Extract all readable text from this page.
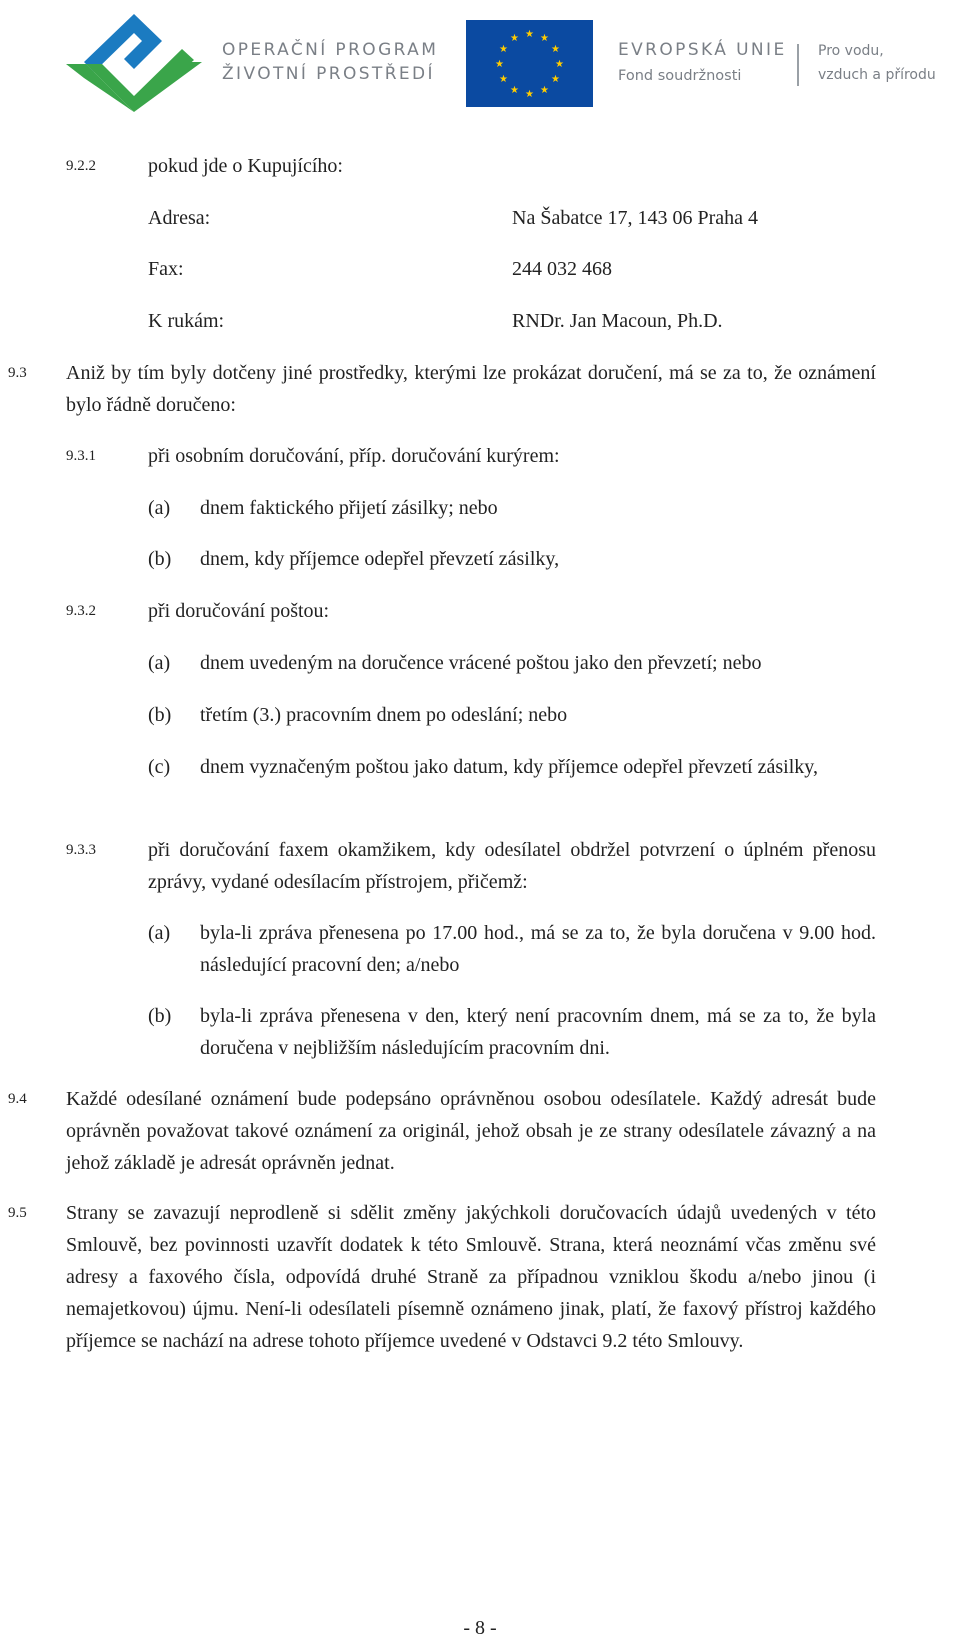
OPERAČNÍ PROGRAM
ŽIVOTNÍ PROSTŘEDÍ
★ ★
★
★
★
★
★
★
★
★
★
★
EVROPSKÁ UNIE
Fond soudržnosti
Pro vodu,
vzduch a přírodu
9.2.2	pokud jde o Kupujícího:
Adresa:	Na Šabatce 17, 143 06 Praha 4
Fax:	244 032 468
K rukám:	RNDr. Jan Macoun, Ph.D.
9.3 Aniž by tím byly dotčeny jiné prostředky, kterými lze prokázat doručení, má se za to, že oznámení bylo řádně doručeno:
9.3.1	při osobním doručování, příp. doručování kurýrem:
(a) dnem faktického přijetí zásilky; nebo
(b) dnem, kdy příjemce odepřel převzetí zásilky,
9.3.2	při doručování poštou:
(a) dnem uvedeným na doručence vrácené poštou jako den převzetí; nebo
(b) třetím (3.) pracovním dnem po odeslání; nebo
(c) dnem vyznačeným poštou jako datum, kdy příjemce odepřel převzetí zásilky,
9.3.3	při doručování faxem okamžikem, kdy odesílatel obdržel potvrzení o úplném přenosu zprávy, vydané odesílacím přístrojem, přičemž:
(a) byla-li zpráva přenesena po 17.00 hod., má se za to, že byla doručena v 9.00 hod. následující pracovní den; a/nebo
(b) byla-li zpráva přenesena v den, který není pracovním dnem, má se za to, že byla doručena v nejbližším následujícím pracovním dni.
9.4 Každé odesílané oznámení bude podepsáno oprávněnou osobou odesílatele. Každý adresát bude oprávněn považovat takové oznámení za originál, jehož obsah je ze strany odesílatele závazný a na jehož základě je adresát oprávněn jednat.
9.5 Strany se zavazují neprodleně si sdělit změny jakýchkoli doručovacích údajů uvedených v této Smlouvě, bez povinnosti uzavřít dodatek k této Smlouvě. Strana, která neoznámí včas změnu své adresy a faxového čísla, odpovídá druhé Straně za případnou vzniklou škodu a/nebo jinou (i nemajetkovou) újmu. Není-li odesílateli písemně oznámeno jinak, platí, že faxový přístroj každého příjemce se nachází na adrese tohoto příjemce uvedené v Odstavci 9.2 této Smlouvy.
- 8 -
